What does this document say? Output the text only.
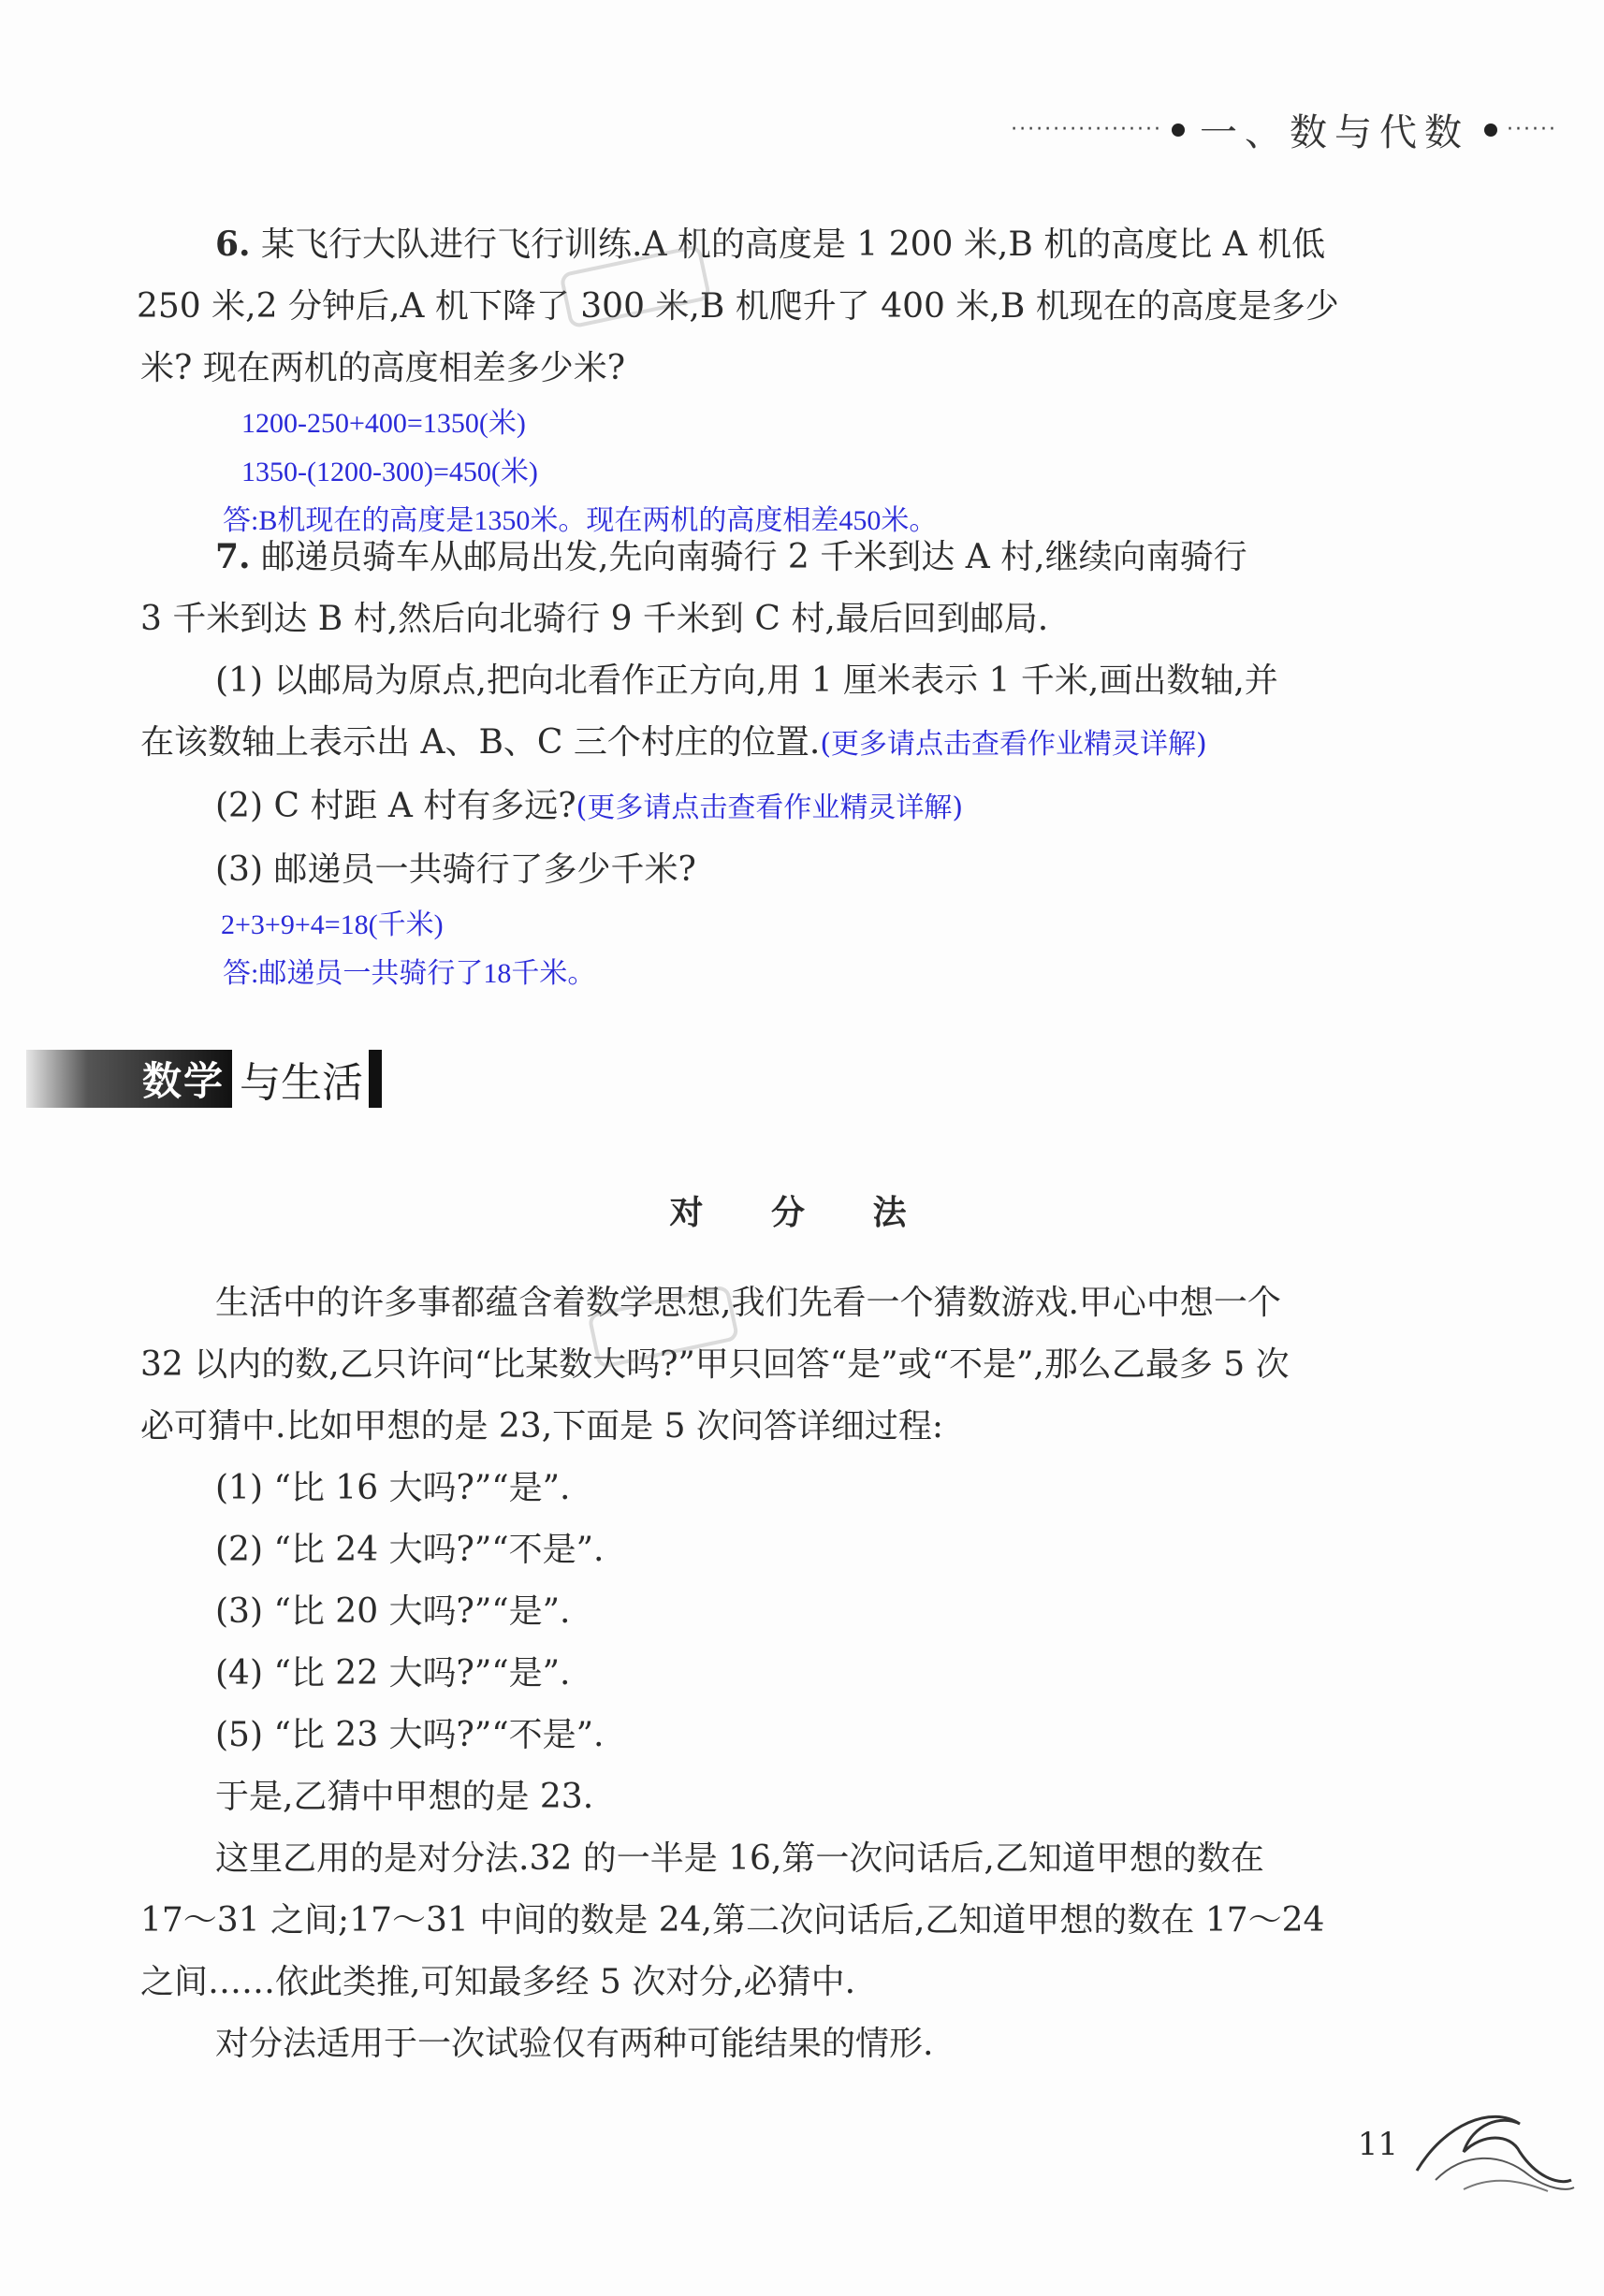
·················· 一、数与代数 ······
6. 某飞行大队进行飞行训练.A 机的高度是 1 200 米,B 机的高度比 A 机低
250 米,2 分钟后,A 机下降了 300 米,B 机爬升了 400 米,B 机现在的高度是多少
米? 现在两机的高度相差多少米?
1200-250+400=1350(米)
1350-(1200-300)=450(米)
答:B机现在的高度是1350米。现在两机的高度相差450米。
7. 邮递员骑车从邮局出发,先向南骑行 2 千米到达 A 村,继续向南骑行
3 千米到达 B 村,然后向北骑行 9 千米到 C 村,最后回到邮局.
(1) 以邮局为原点,把向北看作正方向,用 1 厘米表示 1 千米,画出数轴,并
在该数轴上表示出 A、B、C 三个村庄的位置.(更多请点击查看作业精灵详解)
(2) C 村距 A 村有多远?(更多请点击查看作业精灵详解)
(3) 邮递员一共骑行了多少千米?
2+3+9+4=18(千米)
答:邮递员一共骑行了18千米。
数学 与生活
对 分 法
生活中的许多事都蕴含着数学思想,我们先看一个猜数游戏.甲心中想一个
32 以内的数,乙只许问“比某数大吗?”甲只回答“是”或“不是”,那么乙最多 5 次
必可猜中.比如甲想的是 23,下面是 5 次问答详细过程:
(1) “比 16 大吗?”“是”.
(2) “比 24 大吗?”“不是”.
(3) “比 20 大吗?”“是”.
(4) “比 22 大吗?”“是”.
(5) “比 23 大吗?”“不是”.
于是,乙猜中甲想的是 23.
这里乙用的是对分法.32 的一半是 16,第一次问话后,乙知道甲想的数在
17～31 之间;17～31 中间的数是 24,第二次问话后,乙知道甲想的数在 17～24
之间……依此类推,可知最多经 5 次对分,必猜中.
对分法适用于一次试验仅有两种可能结果的情形.
11
